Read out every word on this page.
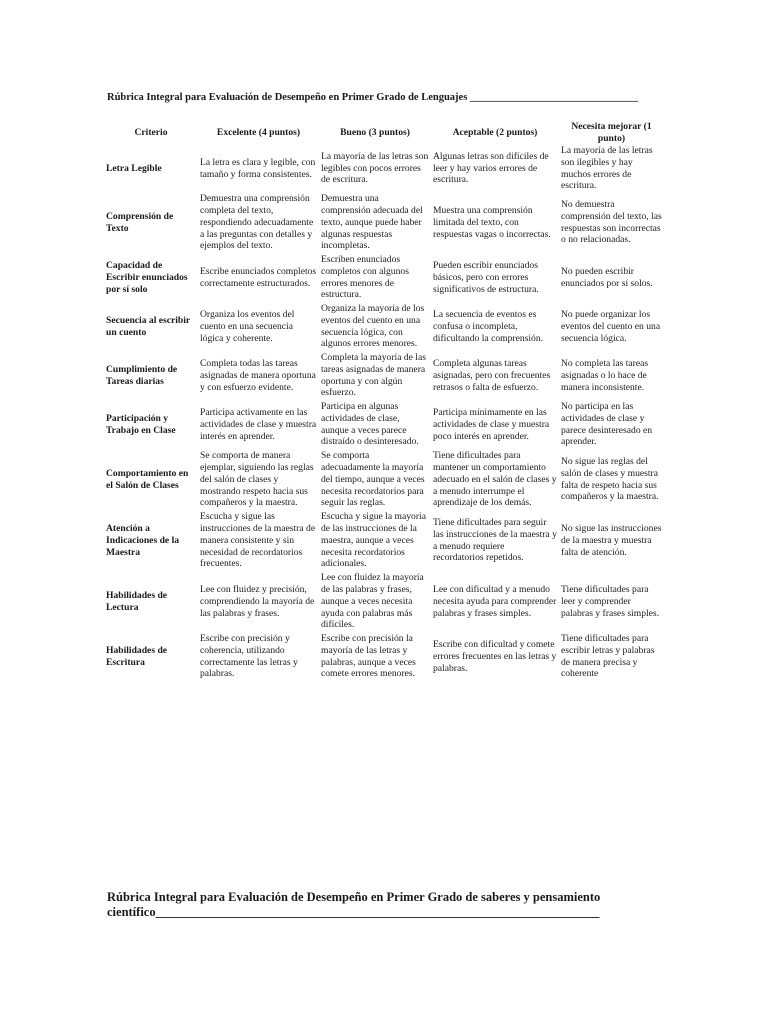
Rúbrica Integral para Evaluación de Desempeño en Primer Grado de Lenguajes ________________________________
Criterio	Excelente (4 puntos)	Bueno (3 puntos)	Aceptable (2 puntos)	Necesita mejorar (1 punto)
Letra Legible	La letra es clara y legible, con tamaño y forma consistentes.	La mayoría de las letras son legibles con pocos errores de escritura.	Algunas letras son difíciles de leer y hay varios errores de escritura.	La mayoría de las letras son ilegibles y hay muchos errores de escritura.
Comprensión de Texto	Demuestra una comprensión completa del texto, respondiendo adecuadamente a las preguntas con detalles y ejemplos del texto.	Demuestra una comprensión adecuada del texto, aunque puede haber algunas respuestas incompletas.	Muestra una comprensión limitada del texto, con respuestas vagas o incorrectas.	No demuestra comprensión del texto, las respuestas son incorrectas o no relacionadas.
Capacidad de Escribir enunciados por sí solo	Escribe enunciados completos correctamente estructurados.	Escriben enunciados completos con algunos errores menores de estructura.	Pueden escribir enunciados básicos, pero con errores significativos de estructura.	No pueden escribir enunciados por sí solos.
Secuencia al escribir un cuento	Organiza los eventos del cuento en una secuencia lógica y coherente.	Organiza la mayoría de los eventos del cuento en una secuencia lógica, con algunos errores menores.	La secuencia de eventos es confusa o incompleta, dificultando la comprensión.	No puede organizar los eventos del cuento en una secuencia lógica.
Cumplimiento de Tareas diarias	Completa todas las tareas asignadas de manera oportuna y con esfuerzo evidente.	Completa la mayoría de las tareas asignadas de manera oportuna y con algún esfuerzo.	Completa algunas tareas asignadas, pero con frecuentes retrasos o falta de esfuerzo.	No completa las tareas asignadas o lo hace de manera inconsistente.
Participación y Trabajo en Clase	Participa activamente en las actividades de clase y muestra interés en aprender.	Participa en algunas actividades de clase, aunque a veces parece distraído o desinteresado.	Participa mínimamente en las actividades de clase y muestra poco interés en aprender.	No participa en las actividades de clase y parece desinteresado en aprender.
Comportamiento en el Salón de Clases	Se comporta de manera ejemplar, siguiendo las reglas del salón de clases y mostrando respeto hacia sus compañeros y la maestra.	Se comporta adecuadamente la mayoría del tiempo, aunque a veces necesita recordatorios para seguir las reglas.	Tiene dificultades para mantener un comportamiento adecuado en el salón de clases y a menudo interrumpe el aprendizaje de los demás.	No sigue las reglas del salón de clases y muestra falta de respeto hacia sus compañeros y la maestra.
Atención a Indicaciones de la Maestra	Escucha y sigue las instrucciones de la maestra de manera consistente y sin necesidad de recordatorios frecuentes.	Escucha y sigue la mayoría de las instrucciones de la maestra, aunque a veces necesita recordatorios adicionales.	Tiene dificultades para seguir las instrucciones de la maestra y a menudo requiere recordatorios repetidos.	No sigue las instrucciones de la maestra y muestra falta de atención.
Habilidades de Lectura	Lee con fluidez y precisión, comprendiendo la mayoría de las palabras y frases.	Lee con fluidez la mayoría de las palabras y frases, aunque a veces necesita ayuda con palabras más difíciles.	Lee con dificultad y a menudo necesita ayuda para comprender palabras y frases simples.	Tiene dificultades para leer y comprender palabras y frases simples.
Habilidades de Escritura	Escribe con precisión y coherencia, utilizando correctamente las letras y palabras.	Escribe con precisión la mayoría de las letras y palabras, aunque a veces comete errores menores.	Escribe con dificultad y comete errores frecuentes en las letras y palabras.	Tiene dificultades para escribir letras y palabras de manera precisa y coherente
Rúbrica Integral para Evaluación de Desempeño en Primer Grado de saberes y pensamiento científico_______________________________________________________________________
